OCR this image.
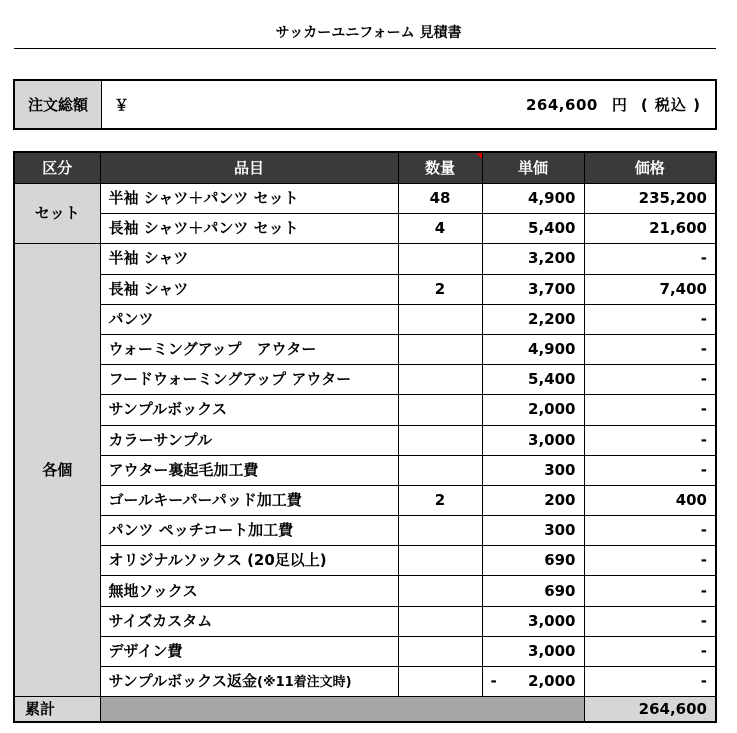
サッカーユニフォーム 見積書
注文総額	￥	264,600 円 ( 税込 )
区分	品目	数量	単価	価格
セット	半袖 シャツ＋パンツ セット	48	4,900	235,200
	長袖 シャツ＋パンツ セット	4	5,400	21,600
各個	半袖 シャツ		3,200	-
	長袖 シャツ	2	3,700	7,400
	パンツ		2,200	-
	ウォーミングアップ　アウター		4,900	-
	フードウォーミングアップ アウター		5,400	-
	サンプルボックス		2,000	-
	カラーサンプル		3,000	-
	アウター裏起毛加工費		300	-
	ゴールキーパーパッド加工費	2	200	400
	パンツ ペッチコート加工費		300	-
	オリジナルソックス (20足以上)		690	-
	無地ソックス		690	-
	サイズカスタム		3,000	-
	デザイン費		3,000	-
	サンプルボックス返金(※11着注文時)		- 2,000	-
累計				264,600
